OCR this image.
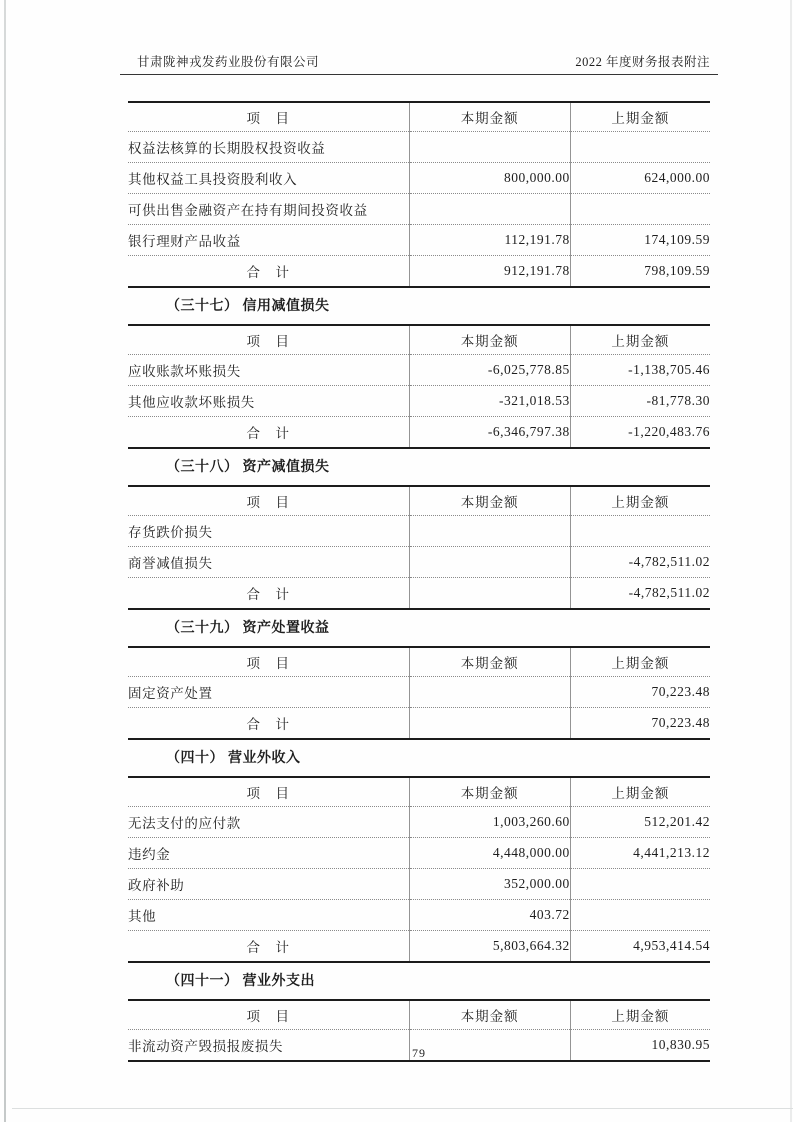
甘肃陇神戎发药业股份有限公司	2022 年度财务报表附注
项　目	本期金额	上期金额
权益法核算的长期股权投资收益		
其他权益工具投资股利收入	800,000.00	624,000.00
可供出售金融资产在持有期间投资收益		
银行理财产品收益	112,191.78	174,109.59
合　计	912,191.78	798,109.59
（三十七） 信用减值损失
项　目	本期金额	上期金额
应收账款坏账损失	-6,025,778.85	-1,138,705.46
其他应收款坏账损失	-321,018.53	-81,778.30
合　计	-6,346,797.38	-1,220,483.76
（三十八） 资产减值损失
项　目	本期金额	上期金额
存货跌价损失		
商誉减值损失		-4,782,511.02
合　计		-4,782,511.02
（三十九） 资产处置收益
项　目	本期金额	上期金额
固定资产处置		70,223.48
合　计		70,223.48
（四十） 营业外收入
项　目	本期金额	上期金额
无法支付的应付款	1,003,260.60	512,201.42
违约金	4,448,000.00	4,441,213.12
政府补助	352,000.00	
其他	403.72	
合　计	5,803,664.32	4,953,414.54
（四十一） 营业外支出
项　目	本期金额	上期金额
非流动资产毁损报废损失		10,830.95
79
